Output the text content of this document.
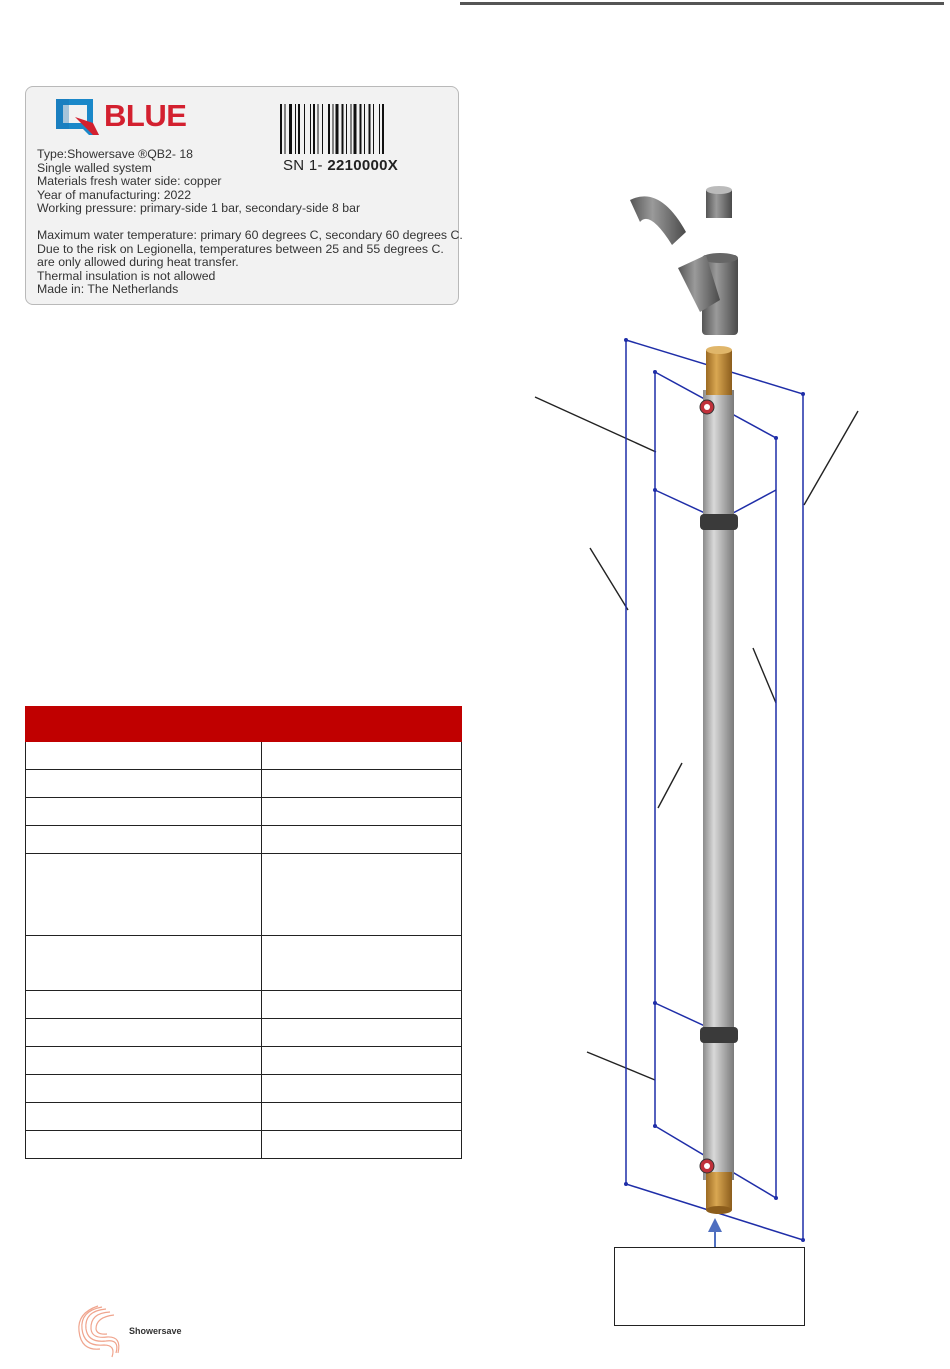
BLUE
SN 1- 2210000X
Type:Showersave ®QB2- 18
Single walled system
Materials fresh water side: copper
Year of manufacturing: 2022
Working pressure: primary-side 1 bar, secondary-side 8 bar
Maximum water temperature: primary 60 degrees C, secondary 60 degrees C.
Due to the risk on Legionella, temperatures between 25 and 55 degrees C.
are only allowed during heat transfer.
Thermal insulation is not allowed
Made in: The Netherlands

Showersave
